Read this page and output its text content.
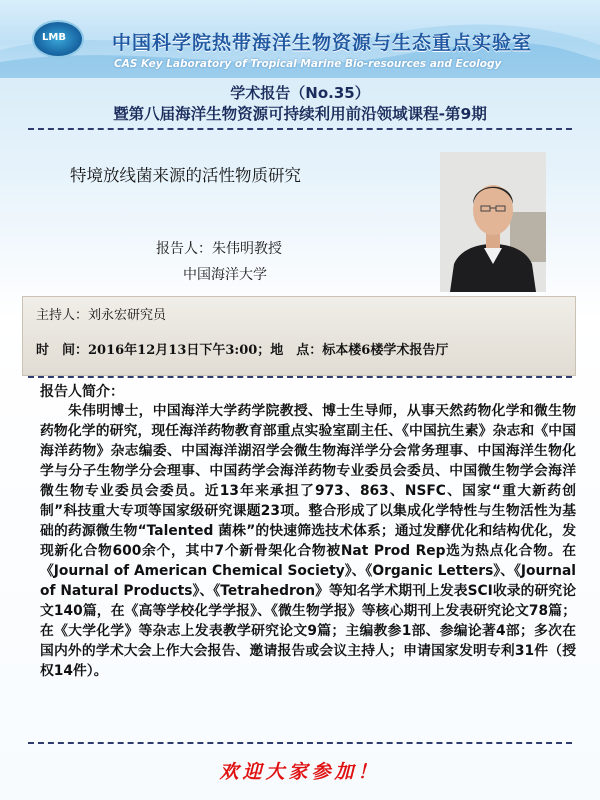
LMB 中国科学院热带海洋生物资源与生态重点实验室
CAS Key Laboratory of Tropical Marine Bio-resources and Ecology
学术报告（No.35）
暨第八届海洋生物资源可持续利用前沿领域课程-第9期
特境放线菌来源的活性物质研究
报告人：朱伟明教授
中国海洋大学
主持人：刘永宏研究员
时　间：2016年12月13日下午3:00；地　点：标本楼6楼学术报告厅
报告人简介：
朱伟明博士，中国海洋大学药学院教授、博士生导师，从事天然药物化学和微生物药物化学的研究，现任海洋药物教育部重点实验室副主任、《中国抗生素》杂志和《中国海洋药物》杂志编委、中国海洋湖沼学会微生物海洋学分会常务理事、中国海洋生物化学与分子生物学分会理事、中国药学会海洋药物专业委员会委员、中国微生物学会海洋微生物专业委员会委员。近13年来承担了973、863、NSFC、国家“重大新药创制”科技重大专项等国家级研究课题23项。整合形成了以集成化学特性与生物活性为基础的药源微生物“Talented 菌株”的快速筛选技术体系；通过发酵优化和结构优化，发现新化合物600余个，其中7个新骨架化合物被Nat Prod Rep选为热点化合物。在《Journal of American Chemical Society》、《Organic Letters》、《Journal of Natural Products》、《Tetrahedron》等知名学术期刊上发表SCI收录的研究论文140篇，在《高等学校化学学报》、《微生物学报》等核心期刊上发表研究论文78篇；在《大学化学》等杂志上发表教学研究论文9篇；主编教参1部、参编论著4部；多次在国内外的学术大会上作大会报告、邀请报告或会议主持人；申请国家发明专利31件（授权14件）。
欢迎大家参加！
